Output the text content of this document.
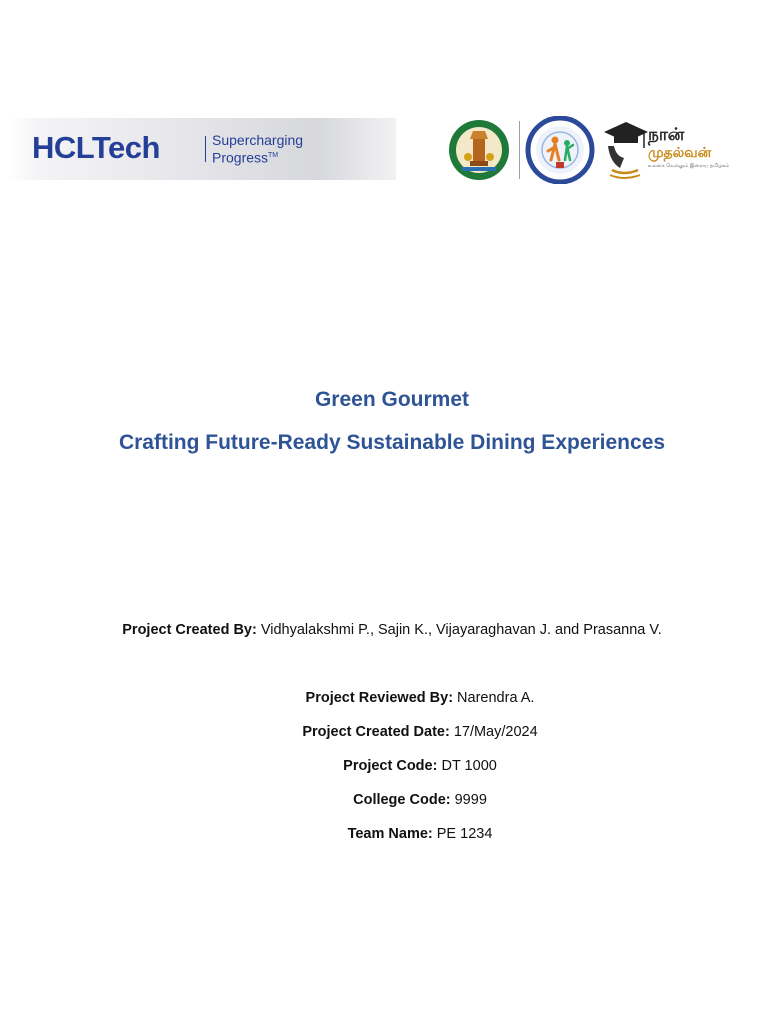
HCLTech	Supercharging
Progress™
நான்
முதல்வன்
உலகை வெல்லும் இளைய தமிழகம்
Green Gourmet
Crafting Future-Ready Sustainable Dining Experiences
Project Created By: Vidhyalakshmi P., Sajin K., Vijayaraghavan J. and Prasanna V.
Project Reviewed By: Narendra A.
Project Created Date: 17/May/2024
Project Code: DT 1000
College Code: 9999
Team Name: PE 1234
